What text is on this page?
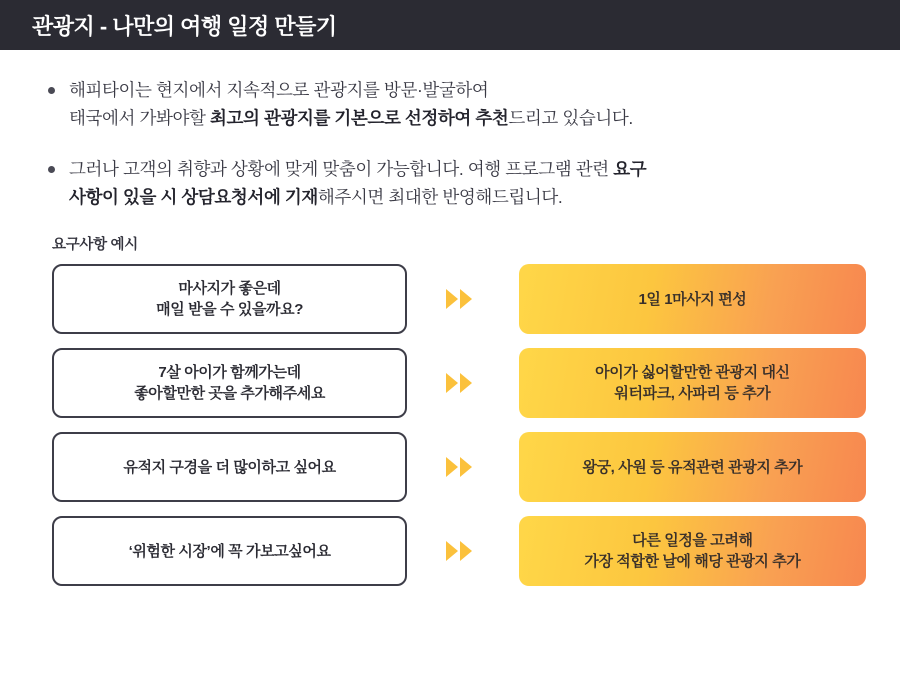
관광지 - 나만의 여행 일정 만들기
해피타이는 현지에서 지속적으로 관광지를 방문·발굴하여
태국에서 가봐야할 최고의 관광지를 기본으로 선정하여 추천드리고 있습니다.
그러나 고객의 취향과 상황에 맞게 맞춤이 가능합니다. 여행 프로그램 관련 요구
사항이 있을 시 상담요청서에 기재해주시면 최대한 반영해드립니다.
요구사항 예시
마사지가 좋은데
매일 받을 수 있을까요?
1일 1마사지 편성
7살 아이가 함께가는데
좋아할만한 곳을 추가해주세요
아이가 싫어할만한 관광지 대신
워터파크, 사파리 등 추가
유적지 구경을 더 많이하고 싶어요	왕궁, 사원 등 유적관련 관광지 추가
‘위험한 시장’에 꼭 가보고싶어요
다른 일정을 고려해
가장 적합한 날에 해당 관광지 추가
